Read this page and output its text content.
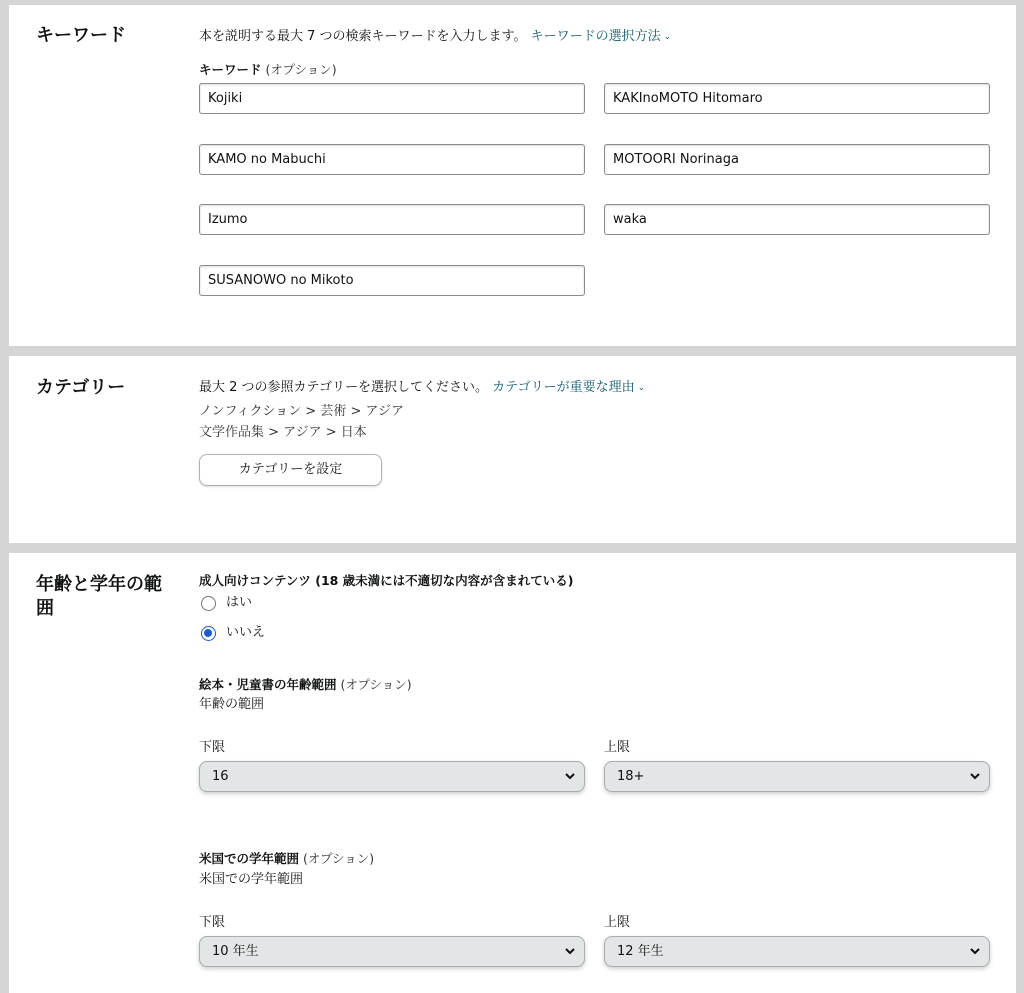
キーワード	本を説明する最大 7 つの検索キーワードを入力します。 キーワードの選択方法 ⌄
キーワード (オプション)
Kojiki	KAKInoMOTO Hitomaro
KAMO no Mabuchi	MOTOORI Norinaga
Izumo	waka
SUSANOWO no Mikoto
カテゴリー	最大 2 つの参照カテゴリーを選択してください。 カテゴリーが重要な理由 ⌄
ノンフィクション > 芸術 > アジア
文学作品集 > アジア > 日本
カテゴリーを設定
年齢と学年の範囲
成人向けコンテンツ (18 歳未満には不適切な内容が含まれている)
はい
いいえ
絵本・児童書の年齢範囲 (オプション)
年齢の範囲
下限	上限
16	18+
米国での学年範囲 (オプション)
米国での学年範囲
下限	上限
10 年生	12 年生
